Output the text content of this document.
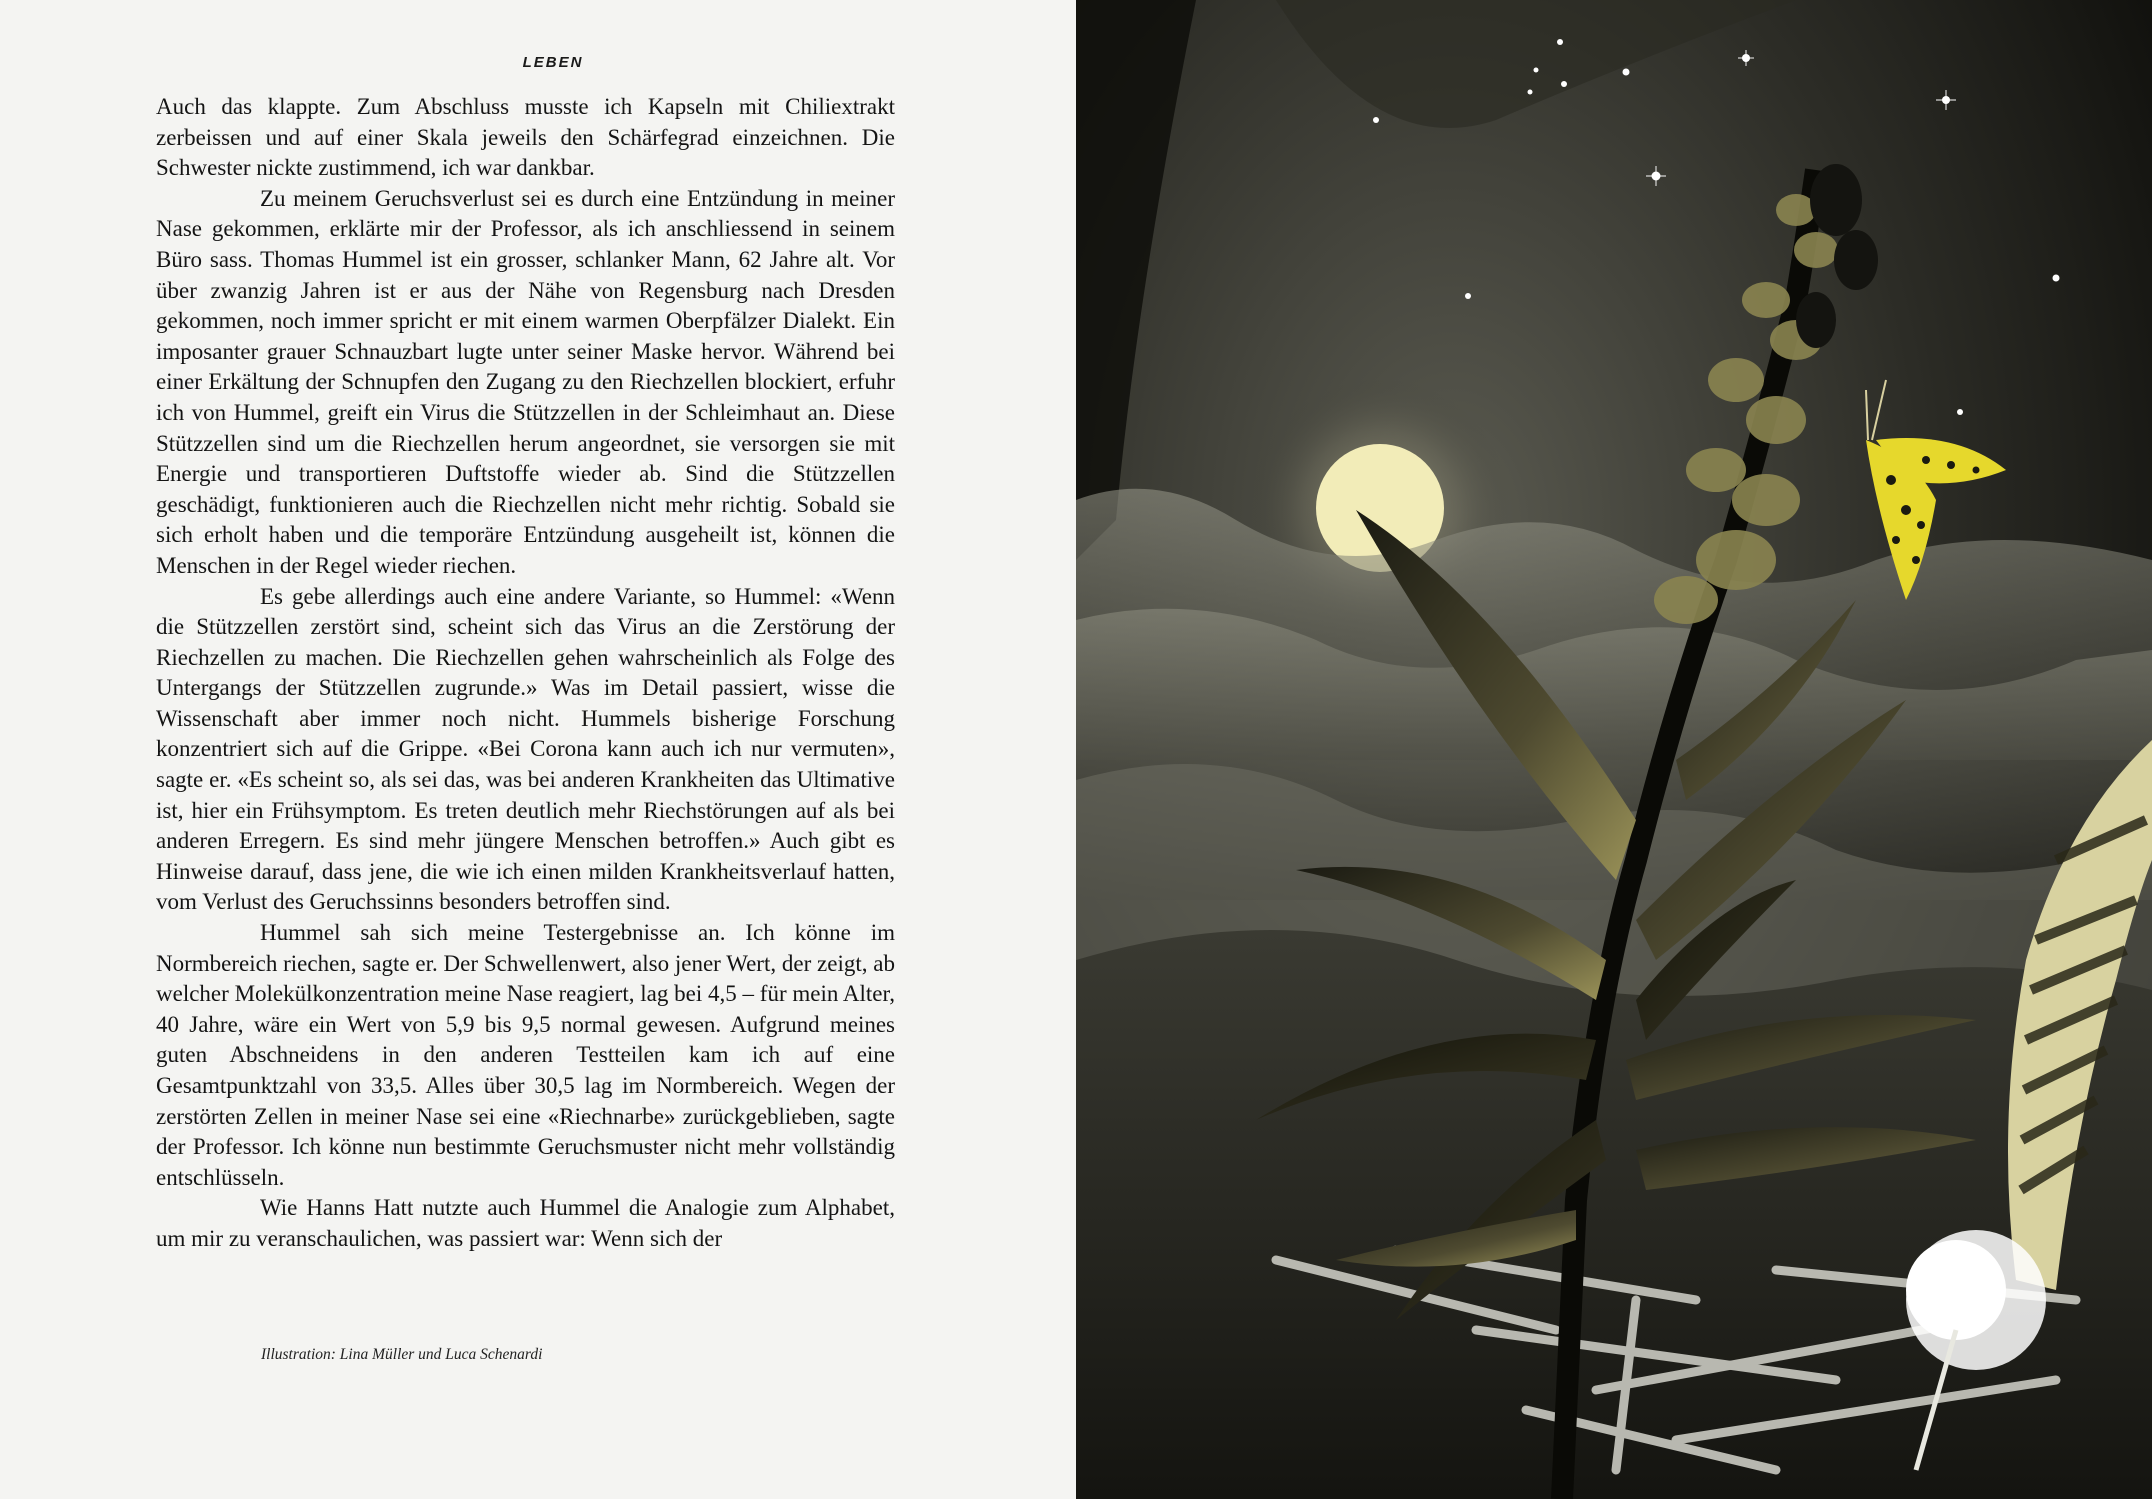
LEBEN

Auch das klappte. Zum Abschluss musste ich Kapseln mit Chiliextrakt zerbeissen und auf einer Skala jeweils den Schärfegrad einzeichnen. Die Schwester nickte zustimmend, ich war dankbar.

Zu meinem Geruchsverlust sei es durch eine Entzündung in meiner Nase gekommen, erklärte mir der Professor, als ich anschliessend in seinem Büro sass. Thomas Hummel ist ein grosser, schlanker Mann, 62 Jahre alt. Vor über zwanzig Jahren ist er aus der Nähe von Regensburg nach Dresden gekommen, noch immer spricht er mit einem warmen Oberpfälzer Dialekt. Ein imposanter grauer Schnauzbart lugte unter seiner Maske hervor. Während bei einer Erkältung der Schnupfen den Zugang zu den Riechzellen blockiert, erfuhr ich von Hummel, greift ein Virus die Stützzellen in der Schleimhaut an. Diese Stützzellen sind um die Riechzellen herum angeordnet, sie versorgen sie mit Energie und transportieren Duftstoffe wieder ab. Sind die Stützzellen geschädigt, funktionieren auch die Riechzellen nicht mehr richtig. Sobald sie sich erholt haben und die temporäre Entzündung ausgeheilt ist, können die Menschen in der Regel wieder riechen.

Es gebe allerdings auch eine andere Variante, so Hummel: «Wenn die Stützzellen zerstört sind, scheint sich das Virus an die Zerstörung der Riechzellen zu machen. Die Riechzellen gehen wahrscheinlich als Folge des Untergangs der Stützzellen zugrunde.» Was im Detail passiert, wisse die Wissenschaft aber immer noch nicht. Hummels bisherige Forschung konzentriert sich auf die Grippe. «Bei Corona kann auch ich nur vermuten», sagte er. «Es scheint so, als sei das, was bei anderen Krankheiten das Ultimative ist, hier ein Frühsymptom. Es treten deutlich mehr Riechstörungen auf als bei anderen Erregern. Es sind mehr jüngere Menschen betroffen.» Auch gibt es Hinweise darauf, dass jene, die wie ich einen milden Krankheitsverlauf hatten, vom Verlust des Geruchssinns besonders betroffen sind.

Hummel sah sich meine Testergebnisse an. Ich könne im Normbereich riechen, sagte er. Der Schwellenwert, also jener Wert, der zeigt, ab welcher Molekülkonzentration meine Nase reagiert, lag bei 4,5 – für mein Alter, 40 Jahre, wäre ein Wert von 5,9 bis 9,5 normal gewesen. Aufgrund meines guten Abschneidens in den anderen Testteilen kam ich auf eine Gesamtpunktzahl von 33,5. Alles über 30,5 lag im Normbereich. Wegen der zerstörten Zellen in meiner Nase sei eine «Riechnarbe» zurückgeblieben, sagte der Professor. Ich könne nun bestimmte Geruchsmuster nicht mehr vollständig entschlüsseln.

Wie Hanns Hatt nutzte auch Hummel die Analogie zum Alphabet, um mir zu veranschaulichen, was passiert war: Wenn sich der

Illustration: Lina Müller und Luca Schenardi
